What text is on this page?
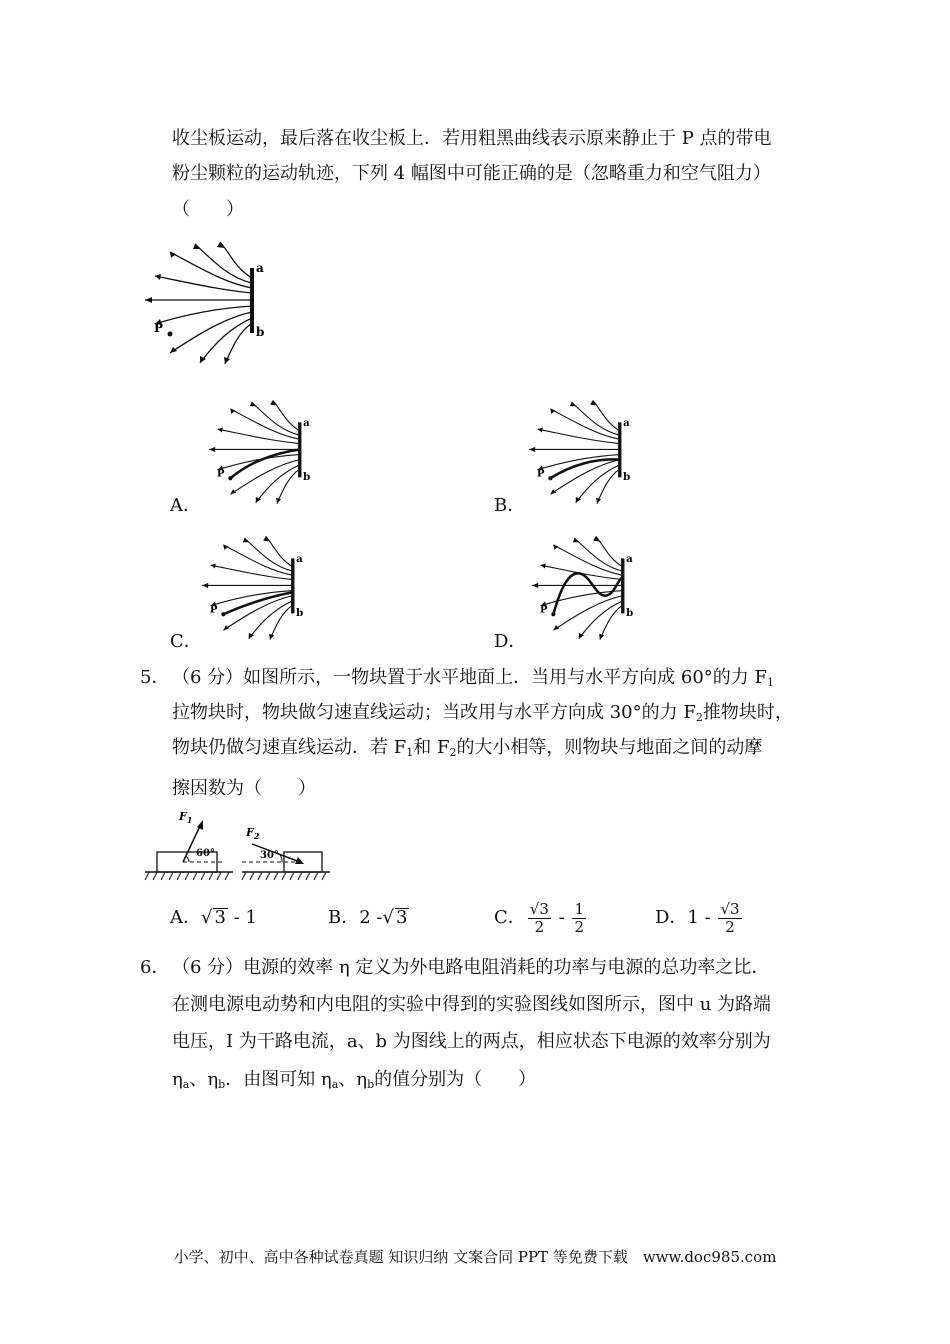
收尘板运动，最后落在收尘板上．若用粗黑曲线表示原来静止于 P 点的带电
粉尘颗粒的运动轨迹，下列 4 幅图中可能正确的是（忽略重力和空气阻力）
（　　）
a
b
P
A．
a
b
P
B．
a
b
P
C．
a
b
P
D．
a
b
P
5． （6 分）如图所示，一物块置于水平地面上．当用与水平方向成 60°的力 $F_1$
拉物块时，物块做匀速直线运动；当改用与水平方向成 30°的力 $F_2$推物块时，
物块仍做匀速直线运动．若 $F_1$和 $F_2$的大小相等，则物块与地面之间的动摩
擦因数为（　　）
$F_1$
60°
$F_2$
30°
A．√ 3 - 1	B．2 -√ 3	C． $\frac{√3}{2} - \frac{1}{2}$	D．$1 - \frac{√3}{2}$
6． （6 分）电源的效率 η 定义为外电路电阻消耗的功率与电源的总功率之比．
在测电源电动势和内电阻的实验中得到的实验图线如图所示，图中 u 为路端
电压，I 为干路电流，a、b 为图线上的两点，相应状态下电源的效率分别为
$\eta_a$、$\eta_b$．由图可知 $\eta_a$、$\eta_b$的值分别为（　　）
小学、初中、高中各种试卷真题 知识归纳 文案合同 PPT 等免费下载　www.doc985.com
